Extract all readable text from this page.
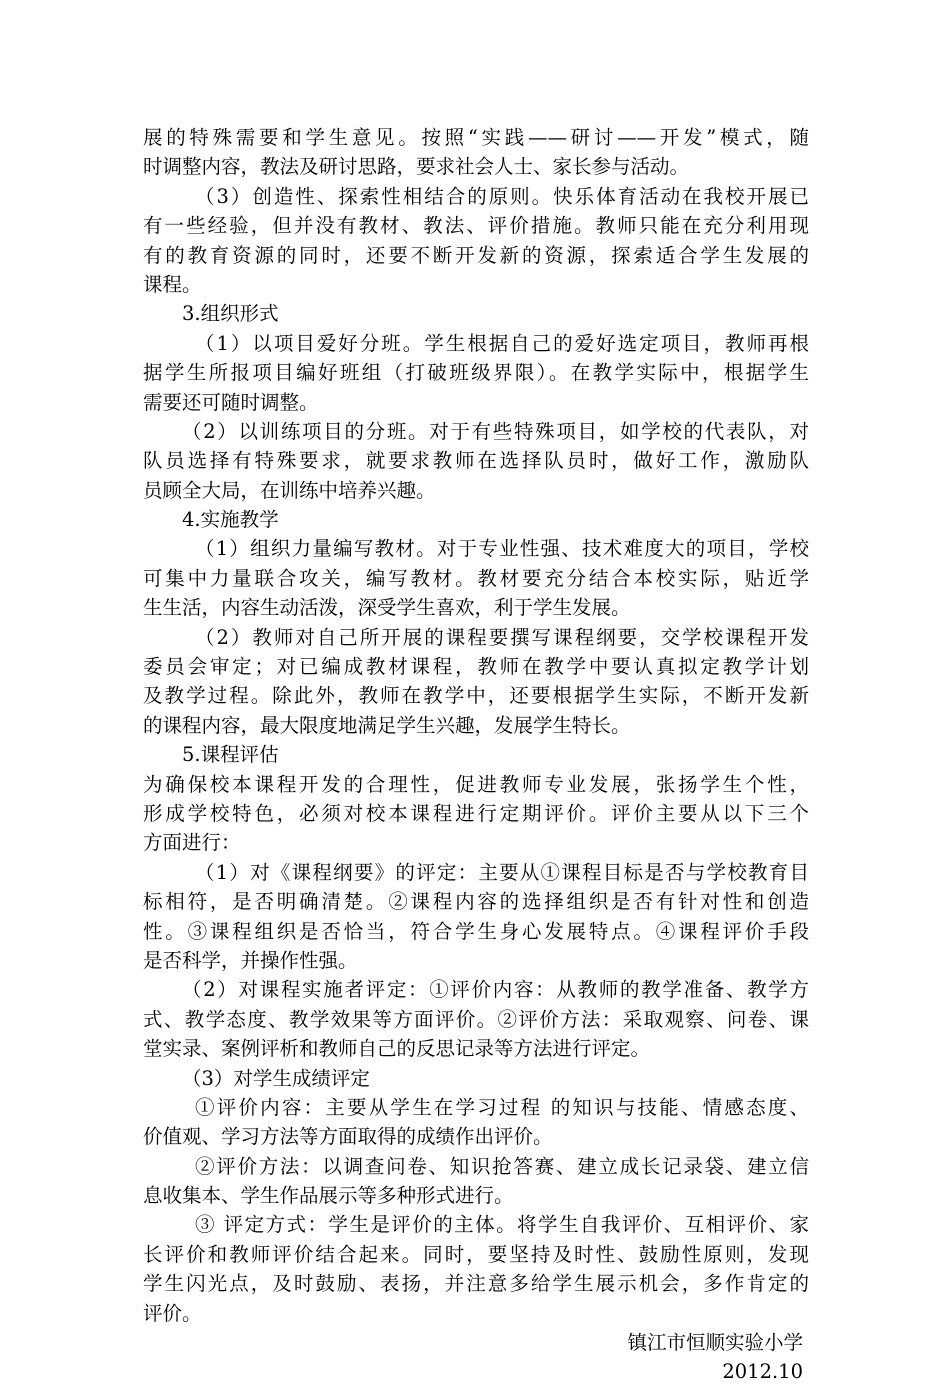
展的特殊需要和学生意见。按照“实践——研讨——开发”模式，随
时调整内容，教法及研讨思路，要求社会人士、家长参与活动。
（3）创造性、探索性相结合的原则。快乐体育活动在我校开展已
有一些经验，但并没有教材、教法、评价措施。教师只能在充分利用现
有的教育资源的同时，还要不断开发新的资源，探索适合学生发展的
课程。
3.组织形式
（1）以项目爱好分班。学生根据自己的爱好选定项目，教师再根
据学生所报项目编好班组（打破班级界限）。在教学实际中，根据学生
需要还可随时调整。
（2）以训练项目的分班。对于有些特殊项目，如学校的代表队，对
队员选择有特殊要求，就要求教师在选择队员时，做好工作，激励队
员顾全大局，在训练中培养兴趣。
4.实施教学
（1）组织力量编写教材。对于专业性强、技术难度大的项目，学校
可集中力量联合攻关，编写教材。教材要充分结合本校实际，贴近学
生生活，内容生动活泼，深受学生喜欢，利于学生发展。
（2）教师对自己所开展的课程要撰写课程纲要，交学校课程开发
委员会审定；对已编成教材课程，教师在教学中要认真拟定教学计划
及教学过程。除此外，教师在教学中，还要根据学生实际，不断开发新
的课程内容，最大限度地满足学生兴趣，发展学生特长。
5.课程评估
为确保校本课程开发的合理性，促进教师专业发展，张扬学生个性，
形成学校特色，必须对校本课程进行定期评价。评价主要从以下三个
方面进行：
（1）对《课程纲要》的评定：主要从①课程目标是否与学校教育目
标相符，是否明确清楚。②课程内容的选择组织是否有针对性和创造
性。③课程组织是否恰当，符合学生身心发展特点。④课程评价手段
是否科学，并操作性强。
（2）对课程实施者评定：①评价内容：从教师的教学准备、教学方
式、教学态度、教学效果等方面评价。②评价方法：采取观察、问卷、课
堂实录、案例评析和教师自己的反思记录等方法进行评定。
（3）对学生成绩评定
①评价内容：主要从学生在学习过程 的知识与技能、情感态度、
价值观、学习方法等方面取得的成绩作出评价。
②评价方法：以调查问卷、知识抢答赛、建立成长记录袋、建立信
息收集本、学生作品展示等多种形式进行。
③ 评定方式：学生是评价的主体。将学生自我评价、互相评价、家
长评价和教师评价结合起来。同时，要坚持及时性、鼓励性原则，发现
学生闪光点，及时鼓励、表扬，并注意多给学生展示机会，多作肯定的
评价。
镇江市恒顺实验小学
2012.10
